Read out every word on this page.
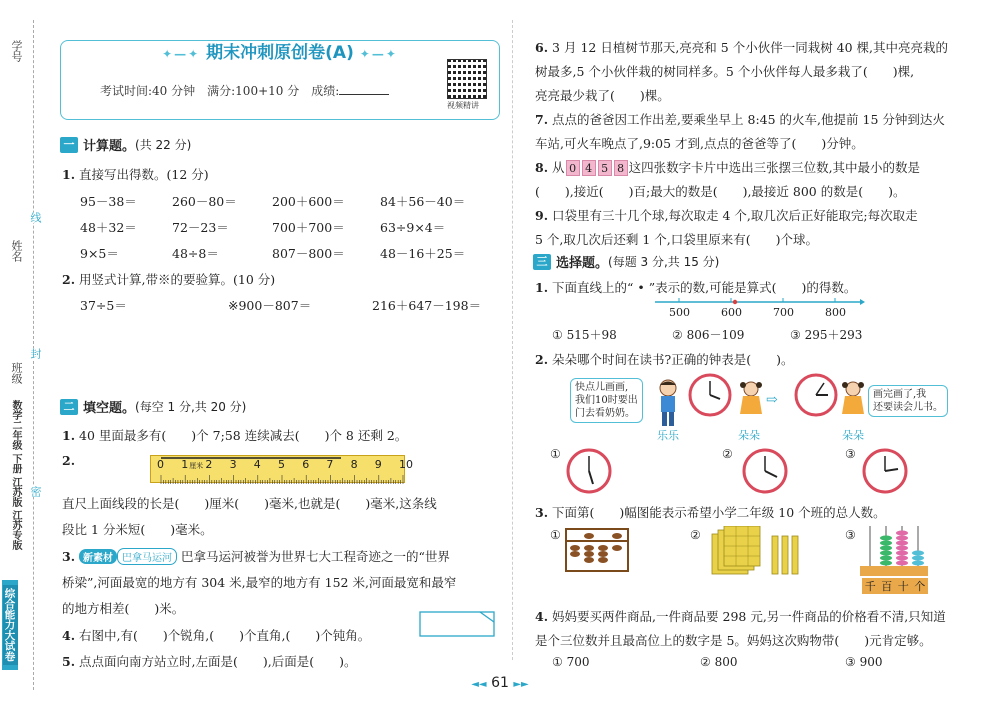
学号
姓名
班级
线
封
密
数学二年级 下册 江苏版 江苏专版
综合能力大试卷
✦—✦ 期末冲刺原创卷(A) ✦—✦
考试时间:40 分钟　满分:100+10 分　成绩:
视频精讲
一 计算题。 (共 22 分)
1. 直接写出得数。(12 分)
95－38＝	260－80＝	200＋600＝	84＋56－40＝
48＋32＝	72－23＝	700＋700＝	63÷9×4＝
9×5＝	48÷8＝	807－800＝	48－16＋25＝
2. 用竖式计算,带※的要验算。(10 分)
37÷5＝	※900－807＝	216＋647－198＝
二 填空题。 (每空 1 分,共 20 分)
1. 40 里面最多有(　　)个 7;58 连续减去(　　)个 8 还剩 2。
2.	0 1 厘米 2 3 4 5 6 7 8 9 10
直尺上面线段的长是(　　)厘米(　　)毫米,也就是(　　)毫米,这条线
段比 1 分米短(　　)毫米。
3. 新素材 巴拿马运河 巴拿马运河被誉为世界七大工程奇迹之一的“世界
桥梁”,河面最宽的地方有 304 米,最窄的地方有 152 米,河面最宽和最窄
的地方相差(　　)米。
4. 右图中,有(　　)个锐角,(　　)个直角,(　　)个钝角。
5. 点点面向南方站立时,左面是(　　),后面是(　　)。
6. 3 月 12 日植树节那天,亮亮和 5 个小伙伴一同栽树 40 棵,其中亮亮栽的
树最多,5 个小伙伴栽的树同样多。5 个小伙伴每人最多栽了(　　)棵,
亮亮最少栽了(　　)棵。
7. 点点的爸爸因工作出差,要乘坐早上 8:45 的火车,他提前 15 分钟到达火
车站,可火车晚点了,9:05 才到,点点的爸爸等了(　　)分钟。
8. 从 0 4 5 8 这四张数字卡片中选出三张摆三位数,其中最小的数是
(　　),接近(　　)百;最大的数是(　　),最接近 800 的数是(　　)。
9. 口袋里有三十几个球,每次取走 4 个,取几次后正好能取完;每次取走
5 个,取几次后还剩 1 个,口袋里原来有(　　)个球。
三 选择题。 (每题 3 分,共 15 分)
1. 下面直线上的“ • ”表示的数,可能是算式(　　)的得数。
500	600	700	800
① 515＋98	② 806－109	③ 295＋293
2. 朵朵哪个时间在读书?正确的钟表是(　　)。
快点儿画画,
我们10时要出
门去看奶奶。
乐乐	朵朵
⇨
朵朵
画完画了,我
还要读会儿书。
①	②	③
3. 下面第(　　)幅图能表示希望小学二年级 10 个班的总人数。
①	②	③
千 百 十 个
4. 妈妈要买两件商品,一件商品要 298 元,另一件商品的价格看不清,只知道
是个三位数并且最高位上的数字是 5。妈妈这次购物带(　　)元肯定够。
① 700	② 800	③ 900
◄◄ 61 ►►
